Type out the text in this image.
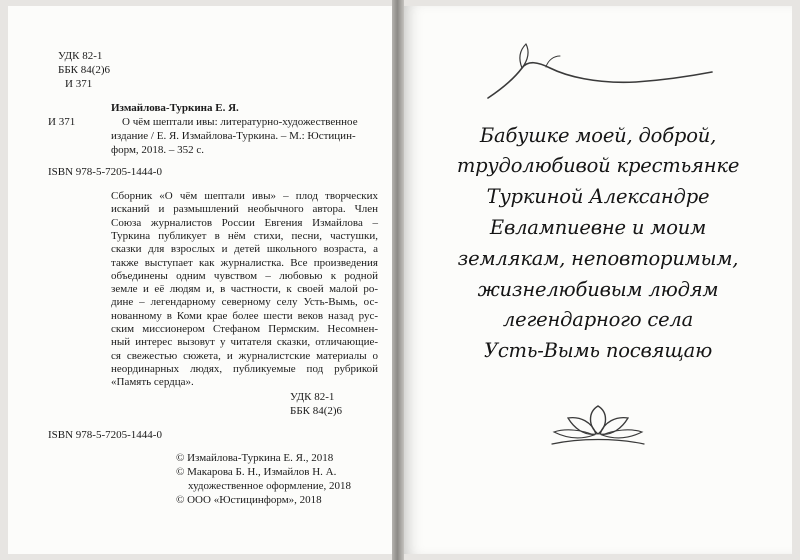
УДК 82-1
ББК 84(2)6
И 371
Измайлова-Туркина Е. Я.
И 371	О чём шептали ивы: литературно-художественное
издание / Е. Я. Измайлова-Туркина. – М.: Юстицин-
форм, 2018. – 352 с.
ISBN 978-5-7205-1444-0
Сборник «О чём шептали ивы» – плод творческих
исканий и размышлений необычного автора. Член
Союза журналистов России Евгения Измайлова –
Туркина публикует в нём стихи, песни, частушки,
сказки для взрослых и детей школьного возраста, а
также выступает как журналистка. Все произведения
объединены одним чувством – любовью к родной
земле и её людям и, в частности, к своей малой ро-
дине – легендарному северному селу Усть-Вымь, ос-
нованному в Коми крае более шести веков назад рус-
ским миссионером Стефаном Пермским. Несомнен-
ный интерес вызовут у читателя сказки, отличающие-
ся свежестью сюжета, и журналистские материалы о
неординарных людях, публикуемые под рубрикой
«Память сердца».
УДК 82-1
ББК 84(2)6
ISBN 978-5-7205-1444-0
© Измайлова-Туркина Е. Я., 2018
© Макарова Б. Н., Измайлов Н. А.
художественное оформление, 2018
© ООО «Юстицинформ», 2018
Бабушке моей, доброй,
трудолюбивой крестьянке
Туркиной Александре
Евлампиевне и моим
землякам, неповторимым,
жизнелюбивым людям
легендарного села
Усть-Вымь посвящаю
